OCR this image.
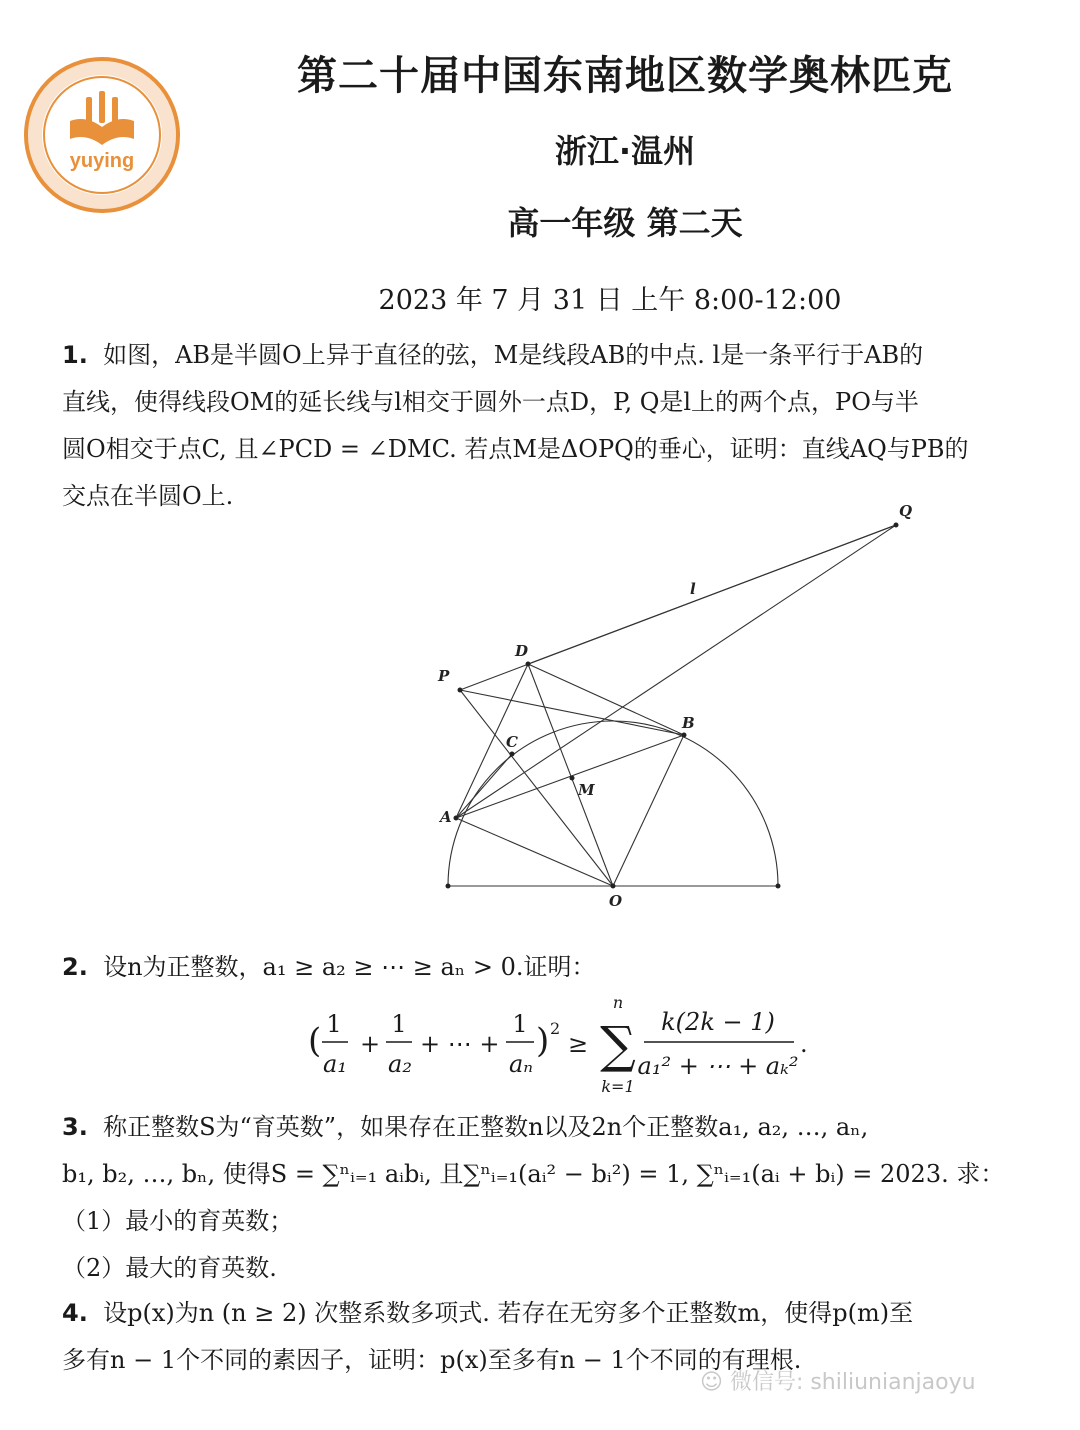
yuying
第二十届中国东南地区数学奥林匹克
浙江·温州
高一年级 第二天
2023 年 7 月 31 日 上午 8:00-12:00
1. 如图，AB是半圆O上异于直径的弦，M是线段AB的中点. l是一条平行于AB的
直线，使得线段OM的延长线与l相交于圆外一点D，P, Q是l上的两个点，PO与半
圆O相交于点C, 且∠PCD = ∠DMC. 若点M是ΔOPQ的垂心，证明：直线AQ与PB的
交点在半圆O上.
Q
l
D
P
B
C
M
A
O
2. 设n为正整数，a₁ ≥ a₂ ≥ ⋯ ≥ aₙ > 0.证明：
( 1
a₁
+
1
a₂
+ ⋯ +
1
aₙ
) 2
≥
n
∑
k=1
k(2k − 1)
a₁² + ⋯ + aₖ²
.
3. 称正整数S为“育英数”，如果存在正整数n以及2n个正整数a₁, a₂, …, aₙ,
b₁, b₂, …, bₙ, 使得S = ∑ⁿᵢ₌₁ aᵢbᵢ, 且∑ⁿᵢ₌₁(aᵢ² − bᵢ²) = 1, ∑ⁿᵢ₌₁(aᵢ + bᵢ) = 2023. 求：
（1）最小的育英数；
（2）最大的育英数.
4. 设p(x)为n (n ≥ 2) 次整系数多项式. 若存在无穷多个正整数m，使得p(m)至
多有n − 1个不同的素因子，证明：p(x)至多有n − 1个不同的有理根.
☺ 微信号: shiliunianjaoyu
